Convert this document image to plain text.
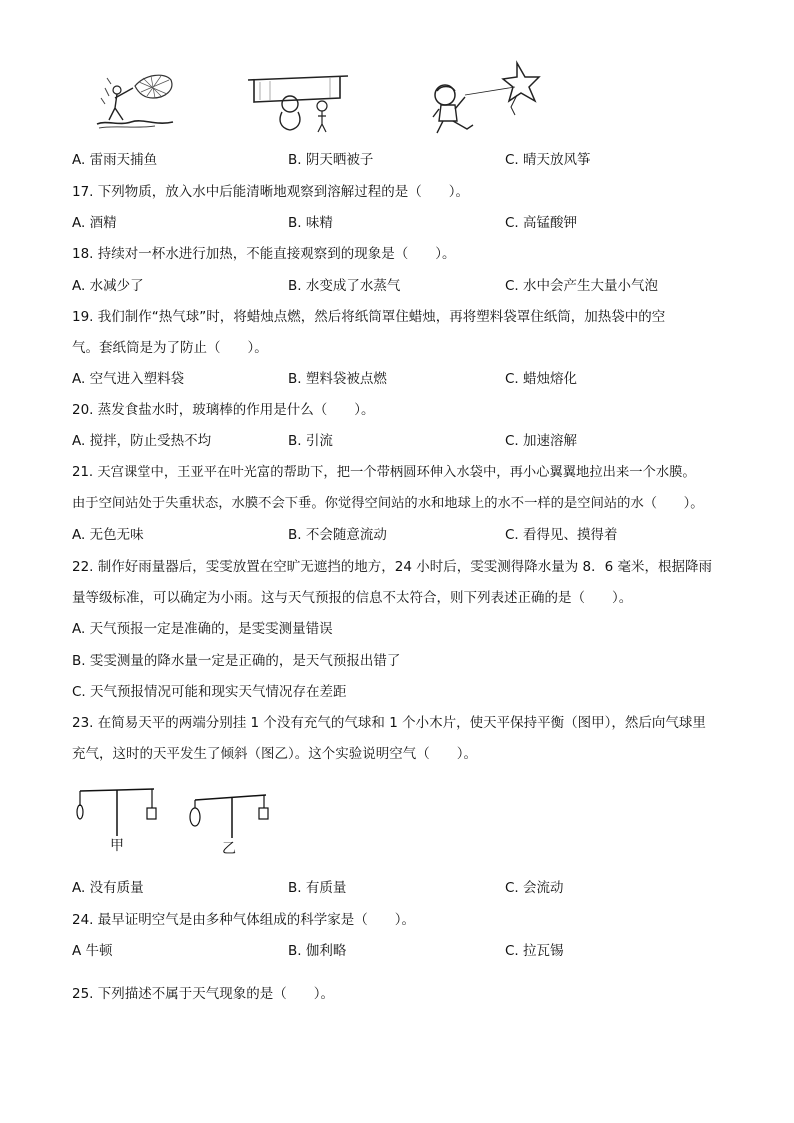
A. 雷雨天捕鱼	B. 阴天晒被子	C. 晴天放风筝
17. 下列物质，放入水中后能清晰地观察到溶解过程的是（　　）。
A. 酒精	B. 味精	C. 高锰酸钾
18. 持续对一杯水进行加热，不能直接观察到的现象是（　　）。
A. 水减少了	B. 水变成了水蒸气	C. 水中会产生大量小气泡
19. 我们制作“热气球”时，将蜡烛点燃，然后将纸筒罩住蜡烛，再将塑料袋罩住纸筒，加热袋中的空
气。套纸筒是为了防止（　　）。
A. 空气进入塑料袋	B. 塑料袋被点燃	C. 蜡烛熔化
20. 蒸发食盐水时，玻璃棒的作用是什么（　　）。
A. 搅拌，防止受热不均	B. 引流	C. 加速溶解
21. 天宫课堂中，王亚平在叶光富的帮助下，把一个带柄圆环伸入水袋中，再小心翼翼地拉出来一个水膜。
由于空间站处于失重状态，水膜不会下垂。你觉得空间站的水和地球上的水不一样的是空间站的水（　　）。
A. 无色无味	B. 不会随意流动	C. 看得见、摸得着
22. 制作好雨量器后，雯雯放置在空旷无遮挡的地方，24 小时后，雯雯测得降水量为 8．6 毫米，根据降雨
量等级标准，可以确定为小雨。这与天气预报的信息不太符合，则下列表述正确的是（　　）。
A. 天气预报一定是准确的，是雯雯测量错误
B. 雯雯测量的降水量一定是正确的，是天气预报出错了
C. 天气预报情况可能和现实天气情况存在差距
23. 在简易天平的两端分别挂 1 个没有充气的气球和 1 个小木片，使天平保持平衡（图甲），然后向气球里
充气，这时的天平发生了倾斜（图乙）。这个实验说明空气（　　）。
甲	乙
A. 没有质量	B. 有质量	C. 会流动
24. 最早证明空气是由多种气体组成的科学家是（　　）。
A 牛顿	B. 伽利略	C. 拉瓦锡
25. 下列描述不属于天气现象的是（　　）。
